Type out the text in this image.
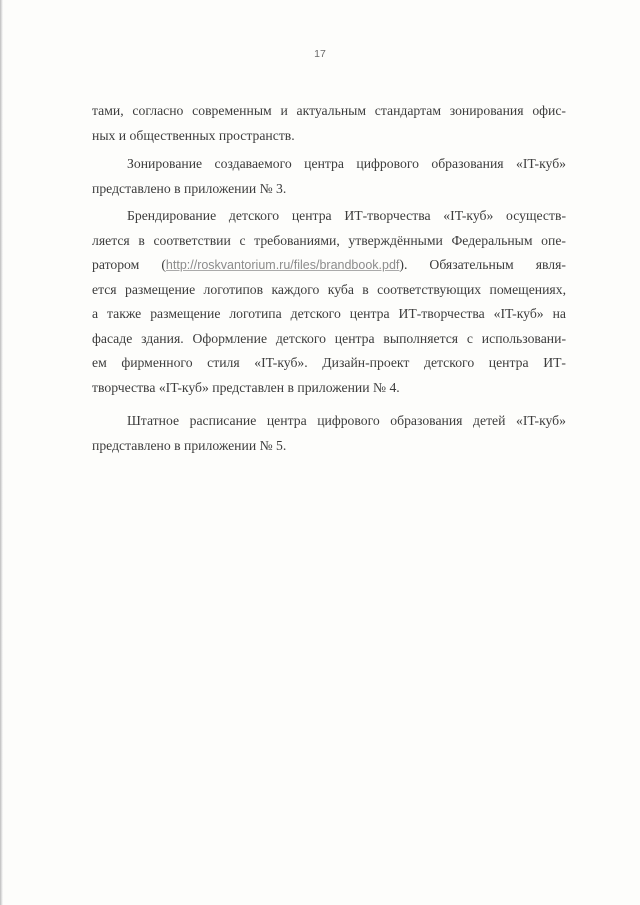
17
тами, согласно современным и актуальным стандартам зонирования офис-
ных и общественных пространств.
Зонирование создаваемого центра цифрового образования «IT-куб»
представлено в приложении № 3.
Брендирование детского центра ИТ-творчества «IT-куб» осуществ-
ляется в соответствии с требованиями, утверждёнными Федеральным опе-
ратором (http://roskvantorium.ru/files/brandbook.pdf). Обязательным явля-
ется размещение логотипов каждого куба в соответствующих помещениях,
а также размещение логотипа детского центра ИТ-творчества «IT-куб» на
фасаде здания. Оформление детского центра выполняется с использовани-
ем фирменного стиля «IT-куб». Дизайн-проект детского центра ИТ-
творчества «IT-куб» представлен в приложении № 4.
Штатное расписание центра цифрового образования детей «IT-куб»
представлено в приложении № 5.
